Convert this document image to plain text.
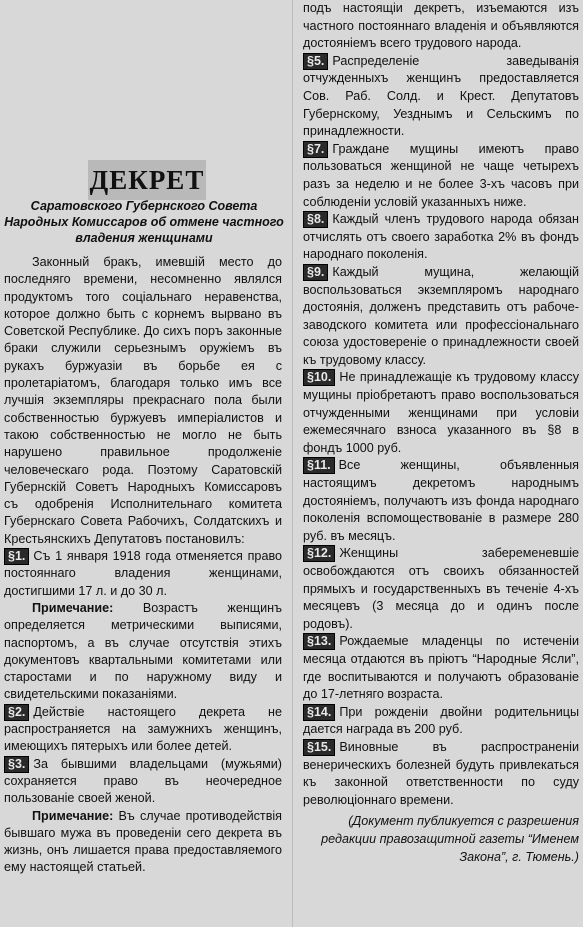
ДЕКРЕТ
Саратовского Губернского Совета Народных Комиссаров об отмене частного владения женщинами

Законный бракъ, имевшiй место до последняго времени, несомненно являлся продуктомъ того соцiальнаго неравенства, которое должно быть с корнемъ вырвано въ Советской Республике. До сихъ поръ законные браки служили серьезнымъ оружiемъ въ рукахъ буржуазiи въ борьбе ея с пролетарiатомъ, благодаря только имъ все лучшiя экземпляры прекраснаго пола были собственностью буржуевъ имперiалистов и такою собственностью не могло не быть нарушено правильное продолженiе человеческаго рода. Поэтому Саратовскiй Губернскiй Советъ Народныхъ Комиссаровъ съ одобренiя Исполнительнаго комитета Губернскаго Совета Рабочихъ, Солдатскихъ и Крестьянскихъ Депутатовъ постановилъ:

§1. Съ 1 января 1918 года отменяется право постояннаго владения женщинами, достигшими 17 л. и до 30 л.

Примечание: Возрастъ женщинъ определяется метрическими выписями, паспортомъ, а въ случае отсутствiя этихъ документовъ квартальными комитетами или старостами и по наружному виду и свидетельскими показанiями.

§2. Действiе настоящего декрета не распространяется на замужнихъ женщинъ, имеющихъ пятерыхъ или более детей.

§3. За бывшими владельцами (мужьями) сохраняется право въ неочередное пользованiе своей женой.

Примечание: Въ случае противодействiя бывшаго мужа въ проведенiи сего декрета въ жизнь, онъ лишается права предоставляемого ему настоящей статьей.

подъ настоящiи декретъ, изъемаются изъ частного постояннаго владенiя и объявляются достоянiемъ всего трудового народа.

§5. Распределенiе заведыванiя отчужденныхъ женщинъ предоставляется Сов. Раб. Солд. и Крест. Депутатовъ Губернскому, Уезднымъ и Сельскимъ по принадлежности.

§7. Граждане мущины имеютъ право пользоваться женщиной не чаще четырехъ разъ за неделю и не более 3-хъ часовъ при соблюденiи условiй указанныхъ ниже.

§8. Каждый членъ трудового народа обязан отчислять отъ своего заработка 2% въ фондъ народнаго поколенiя.

§9. Каждый мущина, желающiй воспользоваться экземпляромъ народнаго достоянiя, долженъ представить отъ рабоче-заводского комитета или профессiональнаго союза удостоверенiе о принадлежности своей къ трудовому классу.

§10. Не принадлежащiе къ трудовому классу мущины прiобретаютъ право воспользоваться отчужденными женщинами при условiи ежемесячнаго взноса указанного въ §8 в фондъ 1000 руб.

§11. Все женщины, объявленныя настоящимъ декретомъ народнымъ достоянiемъ, получаютъ изъ фонда народнаго поколенiя вспомоществованiе в размере 280 руб. въ месяцъ.

§12. Женщины забеременевшiе освобождаются отъ своихъ обязанностей прямыхъ и государственныхъ въ теченiе 4-хъ месяцевъ (3 месяца до и одинъ после родовъ).

§13. Рождаемые младенцы по истеченiи месяца отдаются въ прiютъ “Народные Ясли”, где воспитываются и получаютъ образованiе до 17-летняго возраста.

§14. При рожденiи двойни родительницы дается награда въ 200 руб.

§15. Виновные въ распространенiи венерическихъ болезней будуть привлекаться къ законной ответственности по суду революцiоннаго времени.

(Документ публикуется с разрешения редакции правозащитной газеты “Именем Закона”, г. Тюмень.)
